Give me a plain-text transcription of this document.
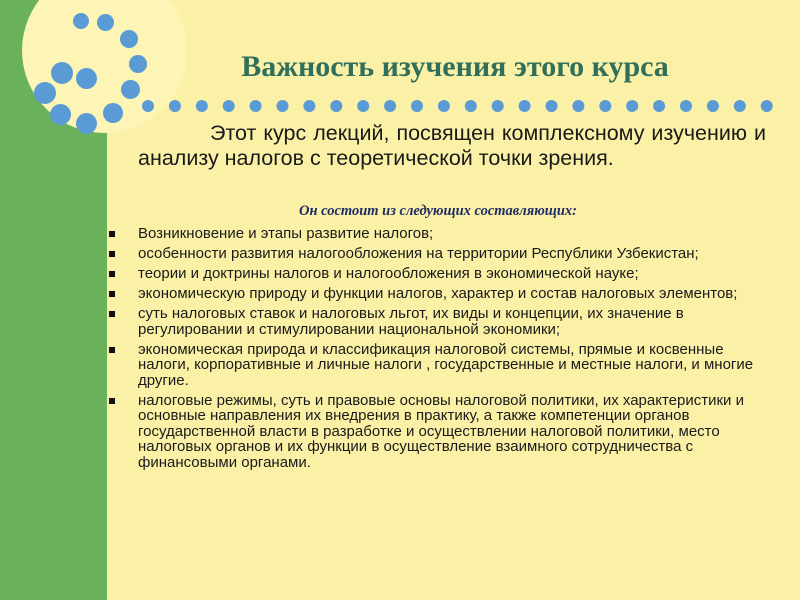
Важность изучения этого курса

Этот курс лекций, посвящен комплексному изучению и анализу налогов с теоретической точки зрения.

Он состоит из следующих составляющих:

Возникновение и этапы развитие налогов;
особенности развития налогообложения на территории Республики Узбекистан;
теории и доктрины налогов и налогообложения в экономической науке;
экономическую природу и функции налогов, характер и состав налоговых элементов;
суть налоговых ставок и налоговых льгот, их виды и концепции, их значение в регулировании и стимулировании национальной экономики;
экономическая природа и классификация налоговой системы, прямые и косвенные налоги, корпоративные и личные налоги , государственные и местные налоги, и многие другие.
налоговые режимы, суть и правовые основы налоговой политики, их характеристики и основные направления их внедрения в практику, а также компетенции органов государственной власти в разработке и осуществлении налоговой политики, место налоговых органов и их функции в осуществление взаимного сотрудничества с финансовыми органами.
